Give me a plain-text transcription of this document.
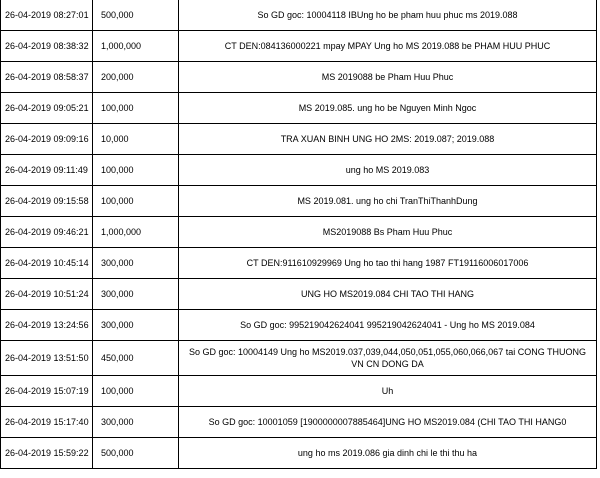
26-04-2019 08:27:01	500,000	So GD goc: 10004118 IBUng ho be pham huu phuc ms 2019.088
26-04-2019 08:38:32	1,000,000	CT DEN:084136000221 mpay MPAY Ung ho MS 2019.088 be PHAM HUU PHUC
26-04-2019 08:58:37	200,000	MS 2019088 be Pham Huu Phuc
26-04-2019 09:05:21	100,000	MS 2019.085. ung ho be Nguyen Minh Ngoc
26-04-2019 09:09:16	10,000	TRA XUAN BINH UNG HO 2MS: 2019.087; 2019.088
26-04-2019 09:11:49	100,000	ung ho MS 2019.083
26-04-2019 09:15:58	100,000	MS 2019.081. ung ho chi TranThiThanhDung
26-04-2019 09:46:21	1,000,000	MS2019088 Bs Pham Huu Phuc
26-04-2019 10:45:14	300,000	CT DEN:911610929969 Ung ho tao thi hang 1987 FT19116006017006
26-04-2019 10:51:24	300,000	UNG HO MS2019.084 CHI TAO THI HANG
26-04-2019 13:24:56	300,000	So GD goc: 995219042624041 995219042624041 - Ung ho MS 2019.084
26-04-2019 13:51:50	450,000	So GD goc: 10004149 Ung ho MS2019.037,039,044,050,051,055,060,066,067 tai CONG THUONG VN CN DONG DA
26-04-2019 15:07:19	100,000	Uh
26-04-2019 15:17:40	300,000	So GD goc: 10001059 [1900000007885464]UNG HO MS2019.084 (CHI TAO THI HANG0
26-04-2019 15:59:22	500,000	ung ho ms 2019.086 gia dinh chi le thi thu ha
